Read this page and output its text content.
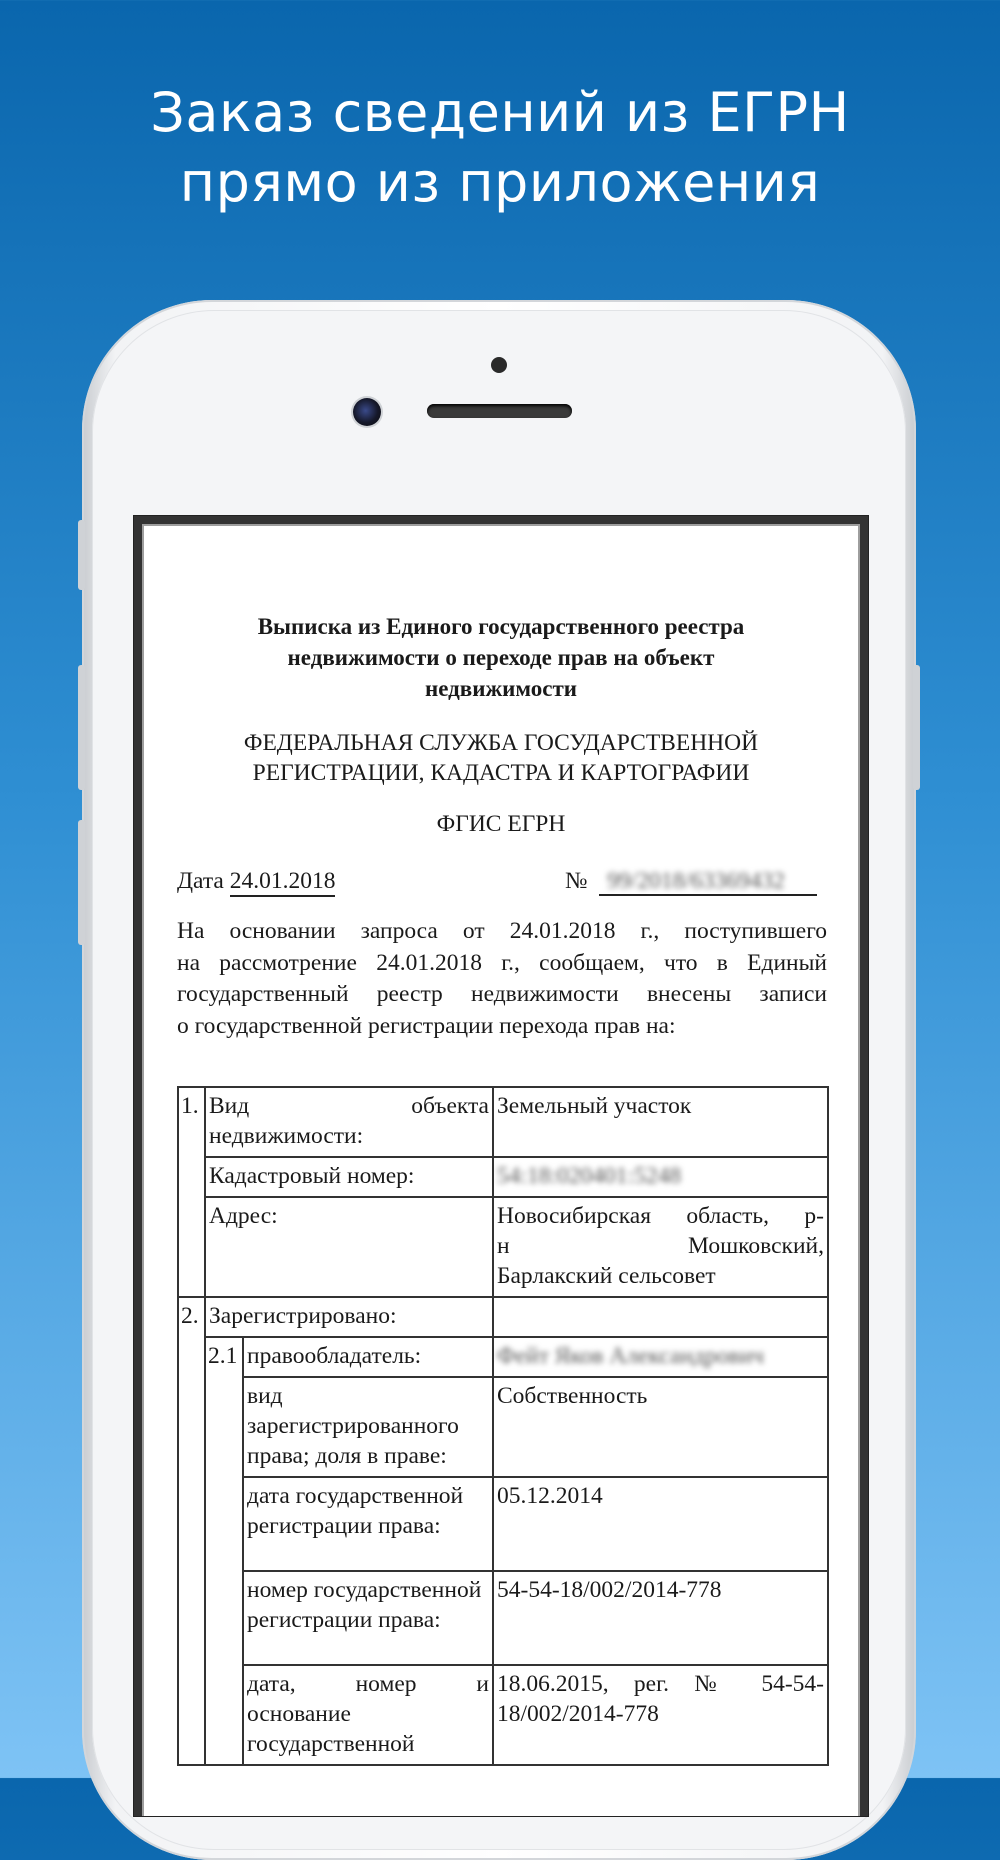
Заказ сведений из ЕГРН
прямо из приложения
Выписка из Единого государственного реестра
недвижимости о переходе прав на объект
недвижимости
ФЕДЕРАЛЬНАЯ СЛУЖБА ГОСУДАРСТВЕННОЙ
РЕГИСТРАЦИИ, КАДАСТРА И КАРТОГРАФИИ
ФГИС ЕГРН
Дата 24.01.2018	№ 99/2018/63369432
На основании запроса от 24.01.2018 г., поступившего
на рассмотрение 24.01.2018 г., сообщаем, что в Единый
государственный реестр недвижимости внесены записи
о государственной регистрации перехода прав на:
1.	Вид объекта недвижимости:		Земельный участок
	Кадастровый номер:		54:18:020401:5248
	Адрес:		Новосибирская область, р-
н Мошковский,
Барлакский сельсовет

2.	Зарегистрировано:		
	2.1	правообладатель:	Фейт Яков Александрович
		вид зарегистрированного права; доля в праве:	Собственность
		дата государственной регистрации права:	05.12.2014
		номер государственной регистрации права:	54-54-18/002/2014-778
		дата, номер и основание государственной	18.06.2015, рег. № 54-54-
18/002/2014-778
